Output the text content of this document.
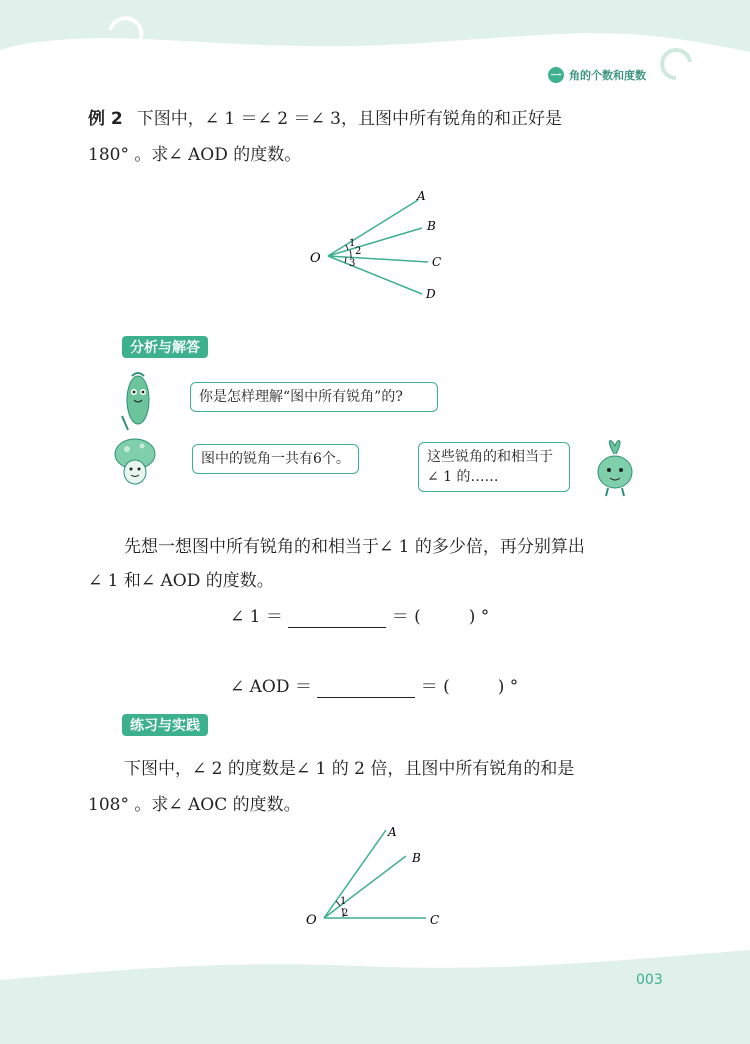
一 角的个数和度数
例 2 下图中，∠ 1 ＝∠ 2 ＝∠ 3，且图中所有锐角的和正好是
180° 。求∠ AOD 的度数。
O
A
B
C
D
1
2
3
分析与解答
你是怎样理解“图中所有锐角”的?
图中的锐角一共有6个。	这些锐角的和相当于
∠ 1 的……
先想一想图中所有锐角的和相当于∠ 1 的多少倍，再分别算出
∠ 1 和∠ AOD 的度数。
∠ 1 ＝	＝ (	) °
∠ AOD ＝	＝ (	) °
练习与实践
下图中，∠ 2 的度数是∠ 1 的 2 倍，且图中所有锐角的和是
108° 。求∠ AOC 的度数。
O
A
B
C
1
2
003
